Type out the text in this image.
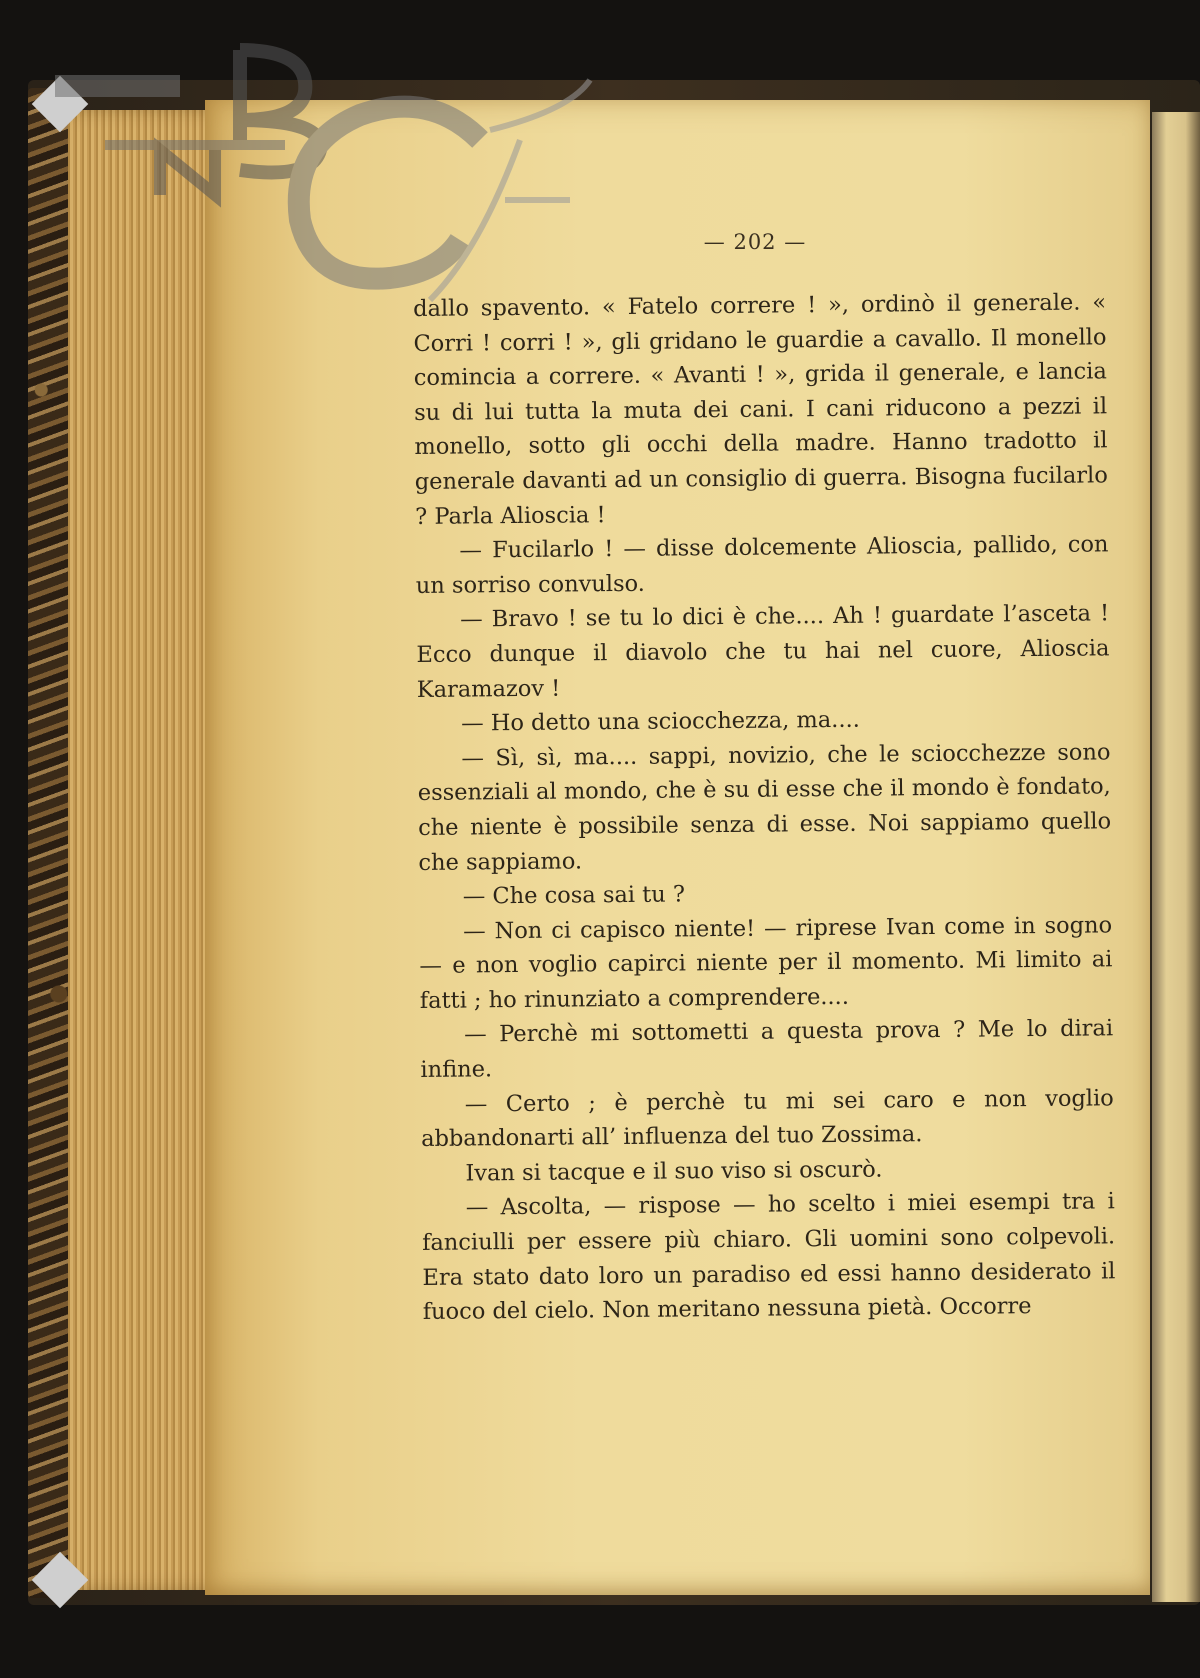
— 202 —

dallo spavento. « Fatelo correre ! », ordinò il generale. « Corri ! corri ! », gli gridano le guardie a cavallo. Il monello comincia a correre. « Avanti ! », grida il generale, e lancia su di lui tutta la muta dei cani. I cani riducono a pezzi il monello, sotto gli occhi della madre. Hanno tradotto il generale davanti ad un consiglio di guerra. Bisogna fucilarlo ? Parla Alioscia !

— Fucilarlo ! — disse dolcemente Alioscia, pallido, con un sorriso convulso.

— Bravo ! se tu lo dici è che.... Ah ! guardate l’asceta ! Ecco dunque il diavolo che tu hai nel cuore, Alioscia Karamazov !

— Ho detto una sciocchezza, ma....

— Sì, sì, ma.... sappi, novizio, che le sciocchezze sono essenziali al mondo, che è su di esse che il mondo è fondato, che niente è possibile senza di esse. Noi sappiamo quello che sappiamo.

— Che cosa sai tu ?

— Non ci capisco niente! — riprese Ivan come in sogno — e non voglio capirci niente per il momento. Mi limito ai fatti ; ho rinunziato a comprendere....

— Perchè mi sottometti a questa prova ? Me lo dirai infine.

— Certo ; è perchè tu mi sei caro e non voglio abbandonarti all’ influenza del tuo Zossima.

Ivan si tacque e il suo viso si oscurò.

— Ascolta, — rispose — ho scelto i miei esempi tra i fanciulli per essere più chiaro. Gli uomini sono colpevoli. Era stato dato loro un paradiso ed essi hanno desiderato il fuoco del cielo. Non meritano nessuna pietà. Occorre
